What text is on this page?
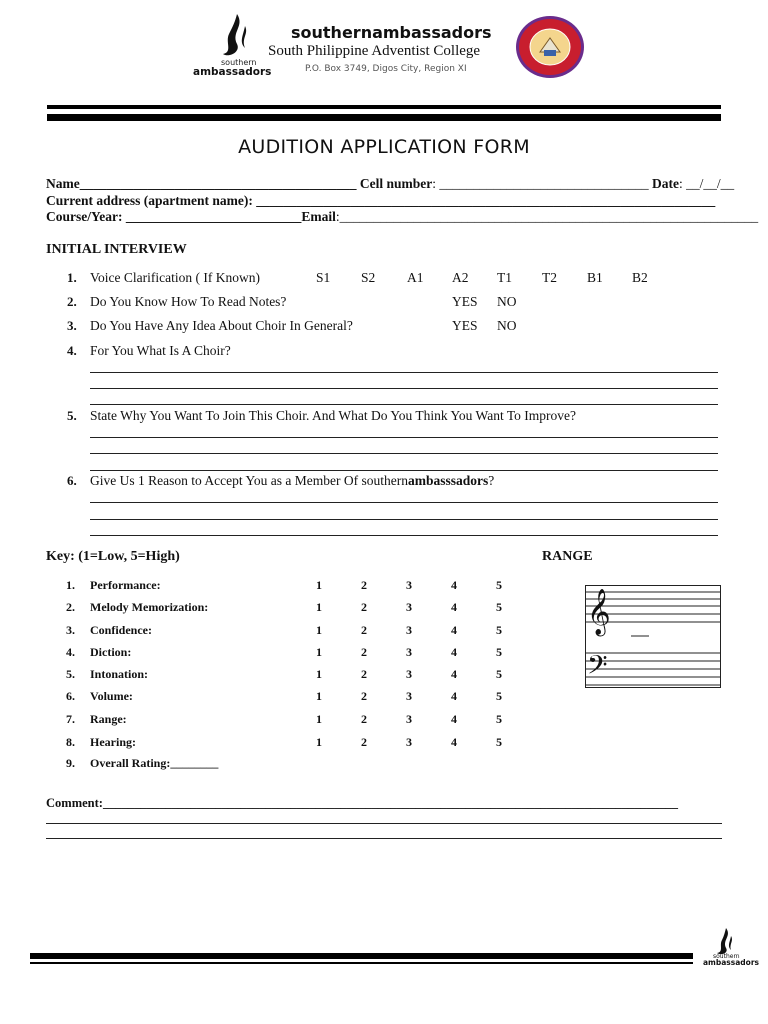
southern
ambassadors
southernambassadors
South Philippine Adventist College
P.O. Box 3749, Digos City, Region XI
AUDITION APPLICATION FORM
Name_________________________________________ Cell number: _______________________________ Date: __/__/__
Current address (apartment name): ____________________________________________________________________
Course/Year: __________________________Email:______________________________________________________________
INITIAL INTERVIEW
1. Voice Clarification ( If Known)	S1 S2 A1 A2 T1 T2 B1 B2
2. Do You Know How To Read Notes?	YES NO
3. Do You Have Any Idea About Choir In General?	YES NO
4. For You What Is A Choir?
5. State Why You Want To Join This Choir. And What Do You Think You Want To Improve?
6. Give Us 1 Reason to Accept You as a Member Of southernambasssadors?
Key: (1=Low, 5=High)	RANGE
1. Performance:	1	2	3	4	5
2. Melody Memorization:	1	2	3	4	5
3. Confidence:	1	2	3	4	5
4. Diction:	1	2	3	4	5
5. Intonation:	1	2	3	4	5
6. Volume:	1	2	3	4	5
7. Range:	1	2	3	4	5
8. Hearing:	1	2	3	4	5
9. Overall Rating:________
𝄞
𝄢
Comment:____________________________________________________________________________________________
southern
ambassadors
